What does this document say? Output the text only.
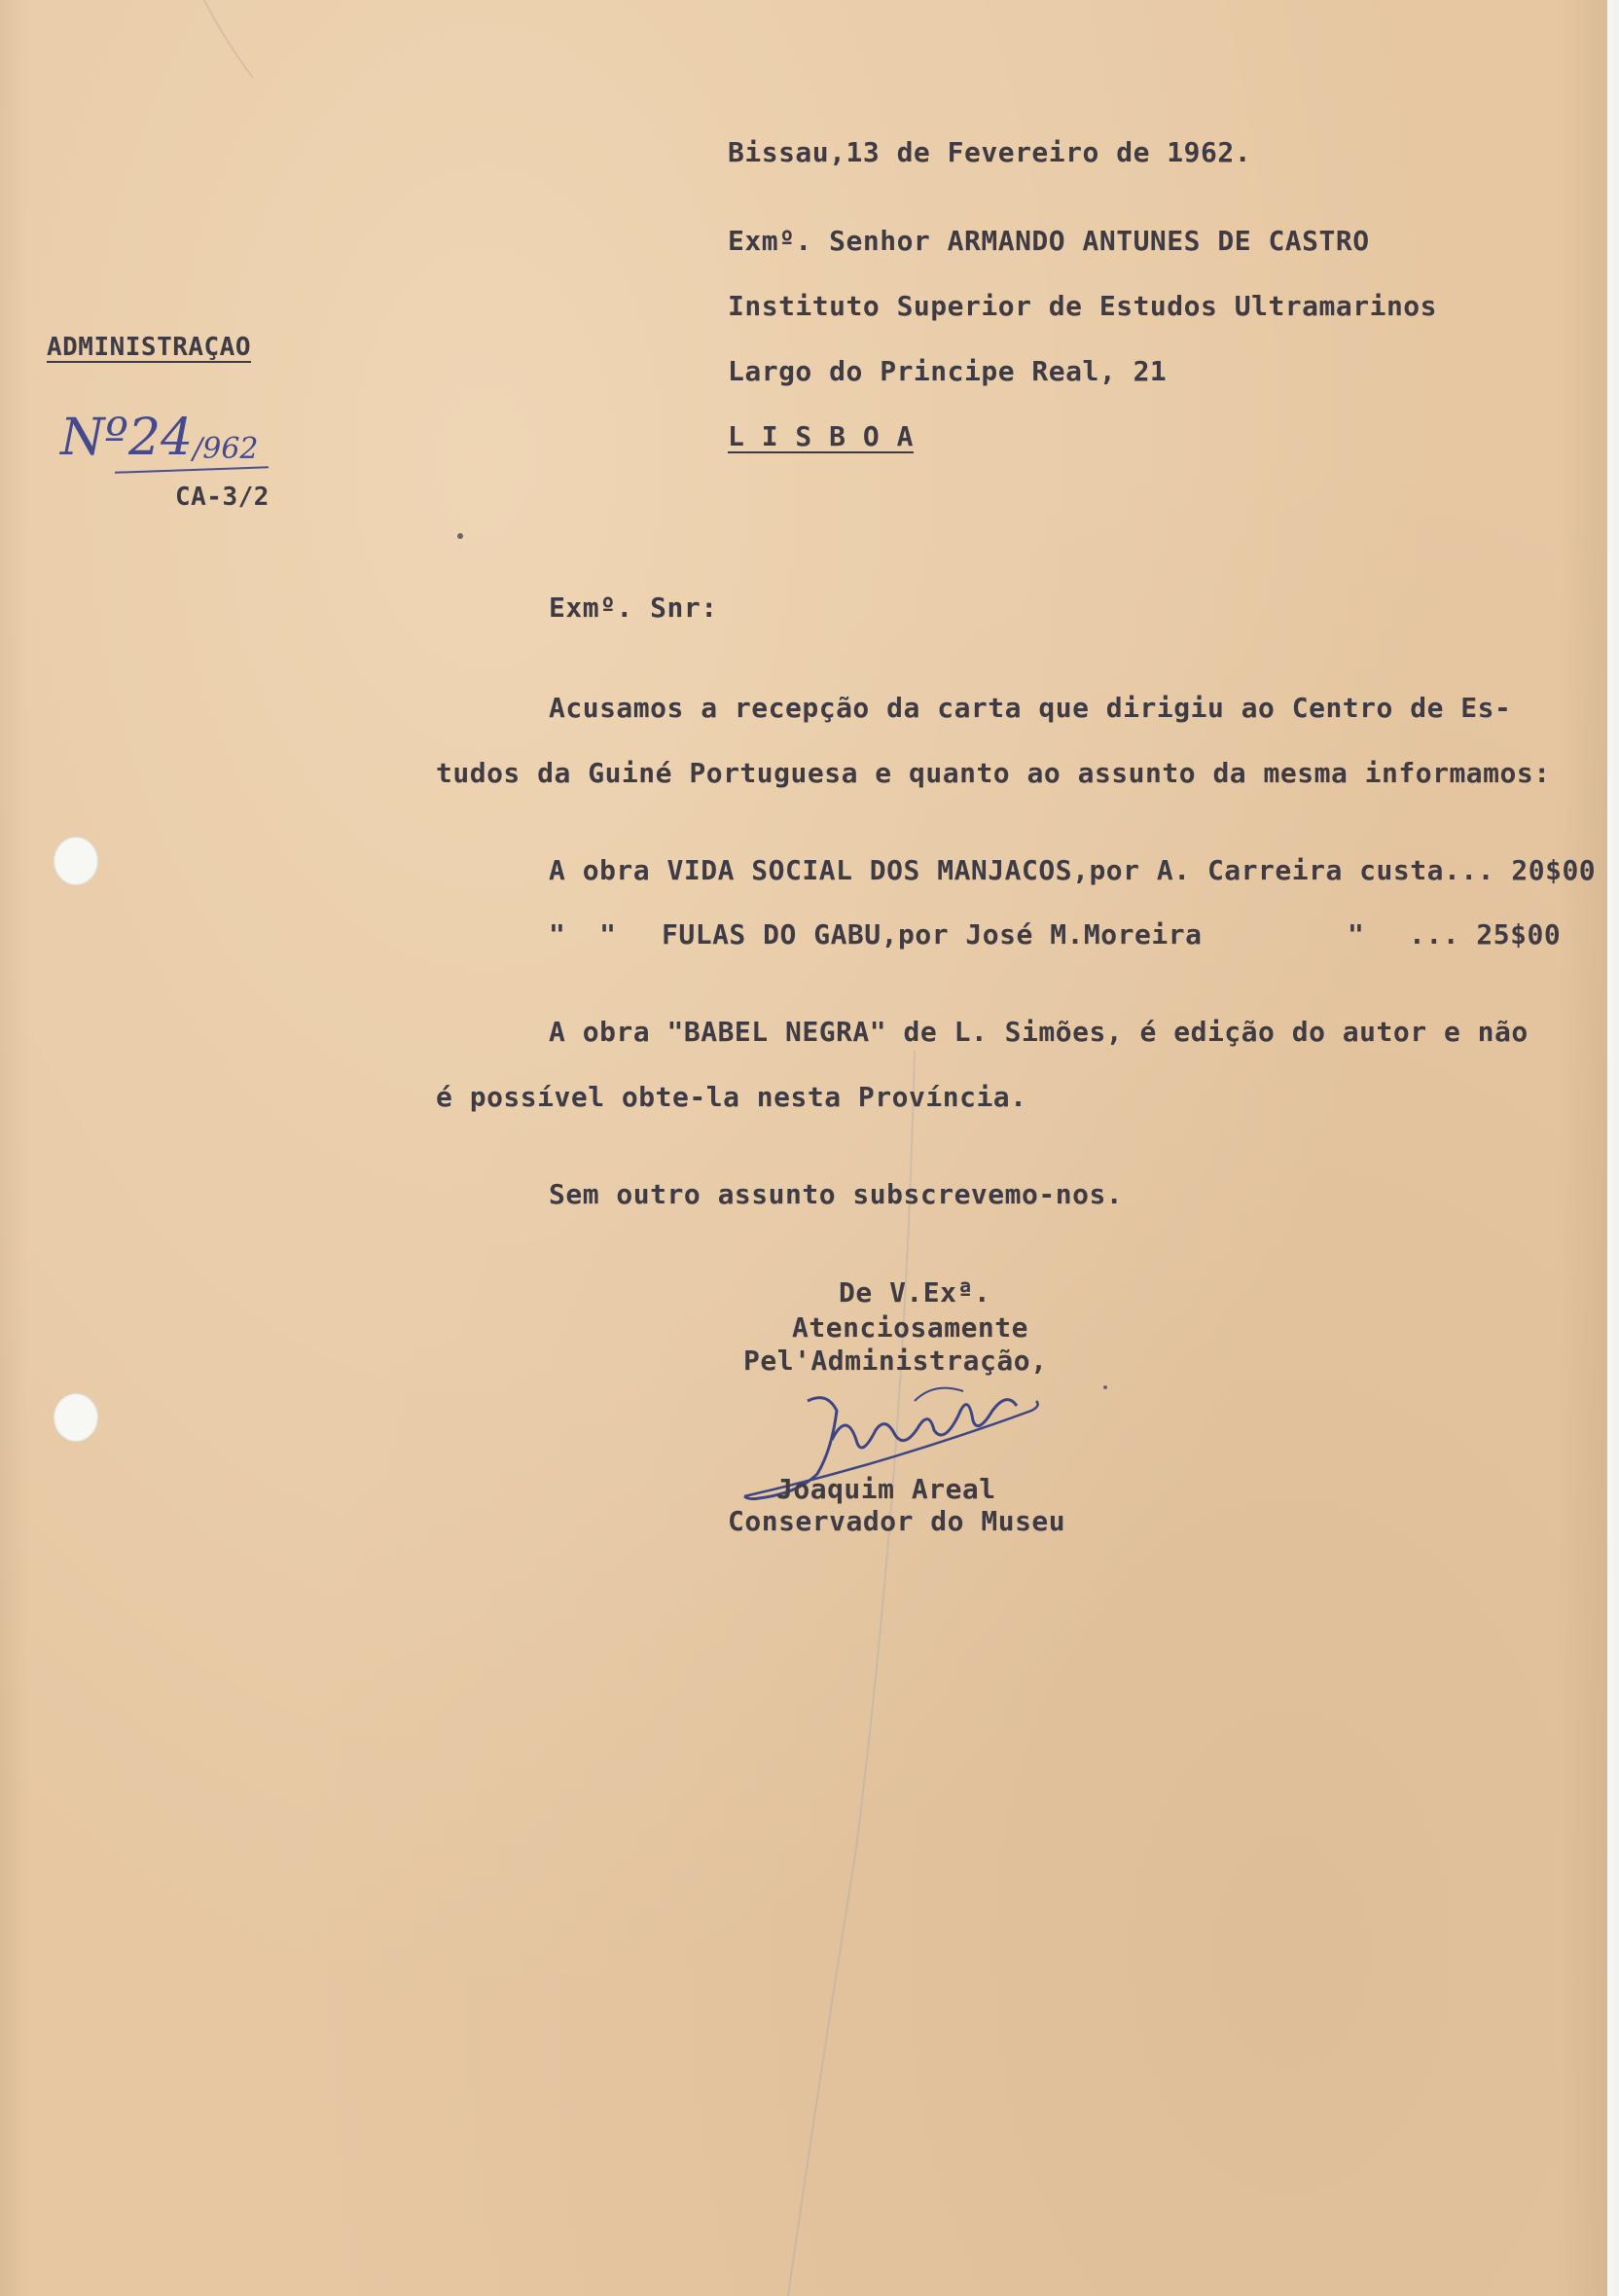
Bissau,13 de Fevereiro de 1962.
Exmº. Senhor ARMANDO ANTUNES DE CASTRO
Instituto Superior de Estudos Ultramarinos
Largo do Principe Real, 21
L I S B O A
ADMINISTRAÇAO
Nº24/962
CA-3/2
Exmº. Snr:
Acusamos a recepção da carta que dirigiu ao Centro de Es-
tudos da Guiné Portuguesa e quanto ao assunto da mesma informamos:
A obra VIDA SOCIAL DOS MANJACOS,por A. Carreira custa... 20$00
"  " FULAS DO GABU,por José M.Moreira	" ... 25$00
A obra "BABEL NEGRA" de L. Simões, é edição do autor e não
é possível obte-la nesta Província.
Sem outro assunto subscrevemo-nos.
De V.Exª.
Atenciosamente
Pel'Administração,
Joaquim Areal
Conservador do Museu
